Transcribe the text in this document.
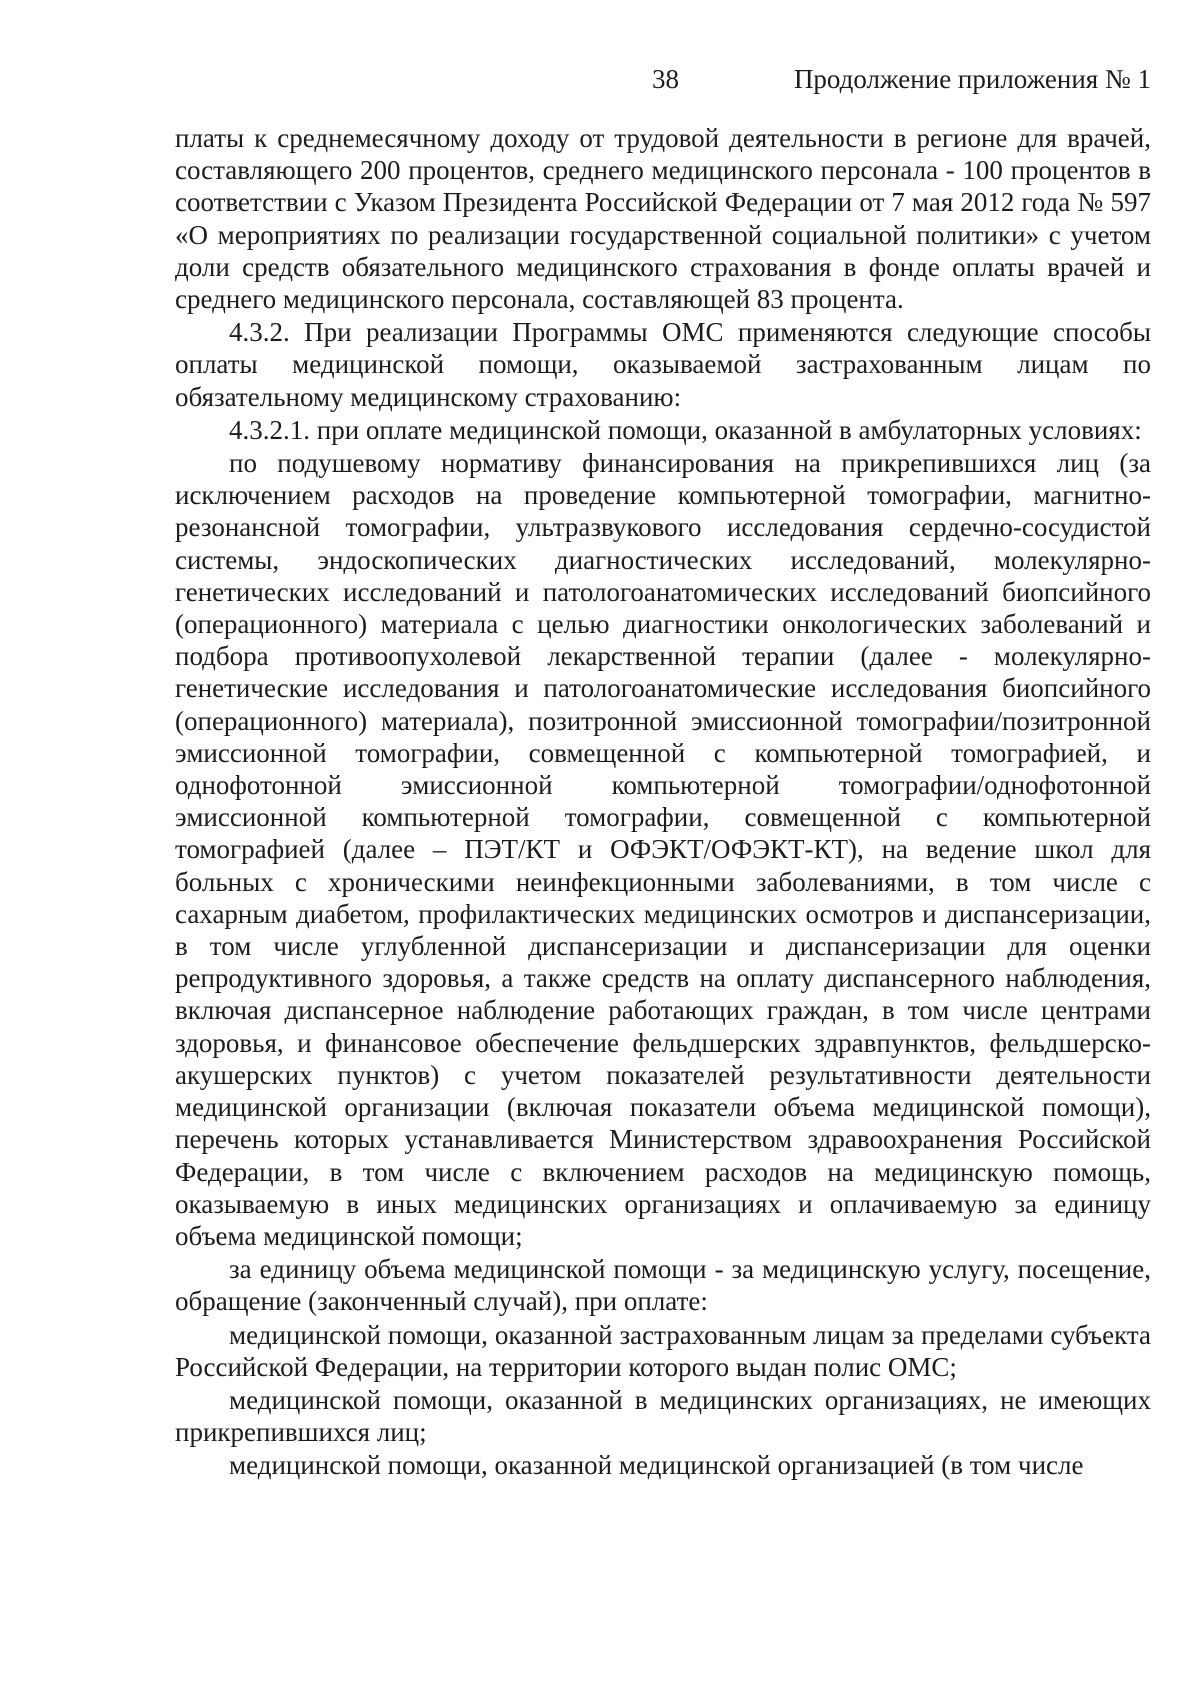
38	Продолжение приложения № 1

платы к среднемесячному доходу от трудовой деятельности в регионе для врачей, составляющего 200 процентов, среднего медицинского персонала - 100 процентов в соответствии с Указом Президента Российской Федерации от 7 мая 2012 года № 597 «О мероприятиях по реализации государственной социальной политики» с учетом доли средств обязательного медицинского страхования в фонде оплаты врачей и среднего медицинского персонала, составляющей 83 процента.

4.3.2. При реализации Программы ОМС применяются следующие способы оплаты медицинской помощи, оказываемой застрахованным лицам по обязательному медицинскому страхованию:

4.3.2.1. при оплате медицинской помощи, оказанной в амбулаторных условиях:

по подушевому нормативу финансирования на прикрепившихся лиц (за исключением расходов на проведение компьютерной томографии, магнитно-резонансной томографии, ультразвукового исследования сердечно-сосудистой системы, эндоскопических диагностических исследований, молекулярно-генетических исследований и патологоанатомических исследований биопсийного (операционного) материала с целью диагностики онкологических заболеваний и подбора противоопухолевой лекарственной терапии (далее - молекулярно-генетические исследования и патологоанатомические исследования биопсийного (операционного) материала), позитронной эмиссионной томографии/позитронной эмиссионной томографии, совмещенной с компьютерной томографией, и однофотонной эмиссионной компьютерной томографии/однофотонной эмиссионной компьютерной томографии, совмещенной с компьютерной томографией (далее – ПЭТ/КТ и ОФЭКТ/ОФЭКТ-КТ), на ведение школ для больных с хроническими неинфекционными заболеваниями, в том числе с сахарным диабетом, профилактических медицинских осмотров и диспансеризации, в том числе углубленной диспансеризации и диспансеризации для оценки репродуктивного здоровья, а также средств на оплату диспансерного наблюдения, включая диспансерное наблюдение работающих граждан, в том числе центрами здоровья, и финансовое обеспечение фельдшерских здравпунктов, фельдшерско-акушерских пунктов) с учетом показателей результативности деятельности медицинской организации (включая показатели объема медицинской помощи), перечень которых устанавливается Министерством здравоохранения Российской Федерации, в том числе с включением расходов на медицинскую помощь, оказываемую в иных медицинских организациях и оплачиваемую за единицу объема медицинской помощи;

за единицу объема медицинской помощи - за медицинскую услугу, посещение, обращение (законченный случай), при оплате:

медицинской помощи, оказанной застрахованным лицам за пределами субъекта Российской Федерации, на территории которого выдан полис ОМС;

медицинской помощи, оказанной в медицинских организациях, не имеющих прикрепившихся лиц;

медицинской помощи, оказанной медицинской организацией (в том числе
